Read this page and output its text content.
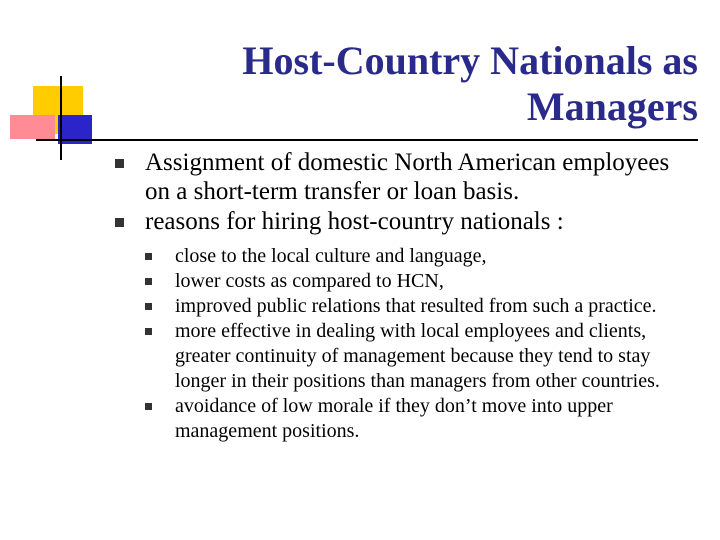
Host-Country Nationals as
Managers
Assignment of domestic North American employees on a short-term transfer or loan basis.
reasons for hiring host-country nationals :
close to the local culture and language,
lower costs as compared to HCN,
improved public relations that resulted from such a practice.
more effective in dealing with local employees and clients, greater continuity of management because they tend to stay longer in their positions than managers from other countries.
avoidance of low morale if they don’t move into upper management positions.
